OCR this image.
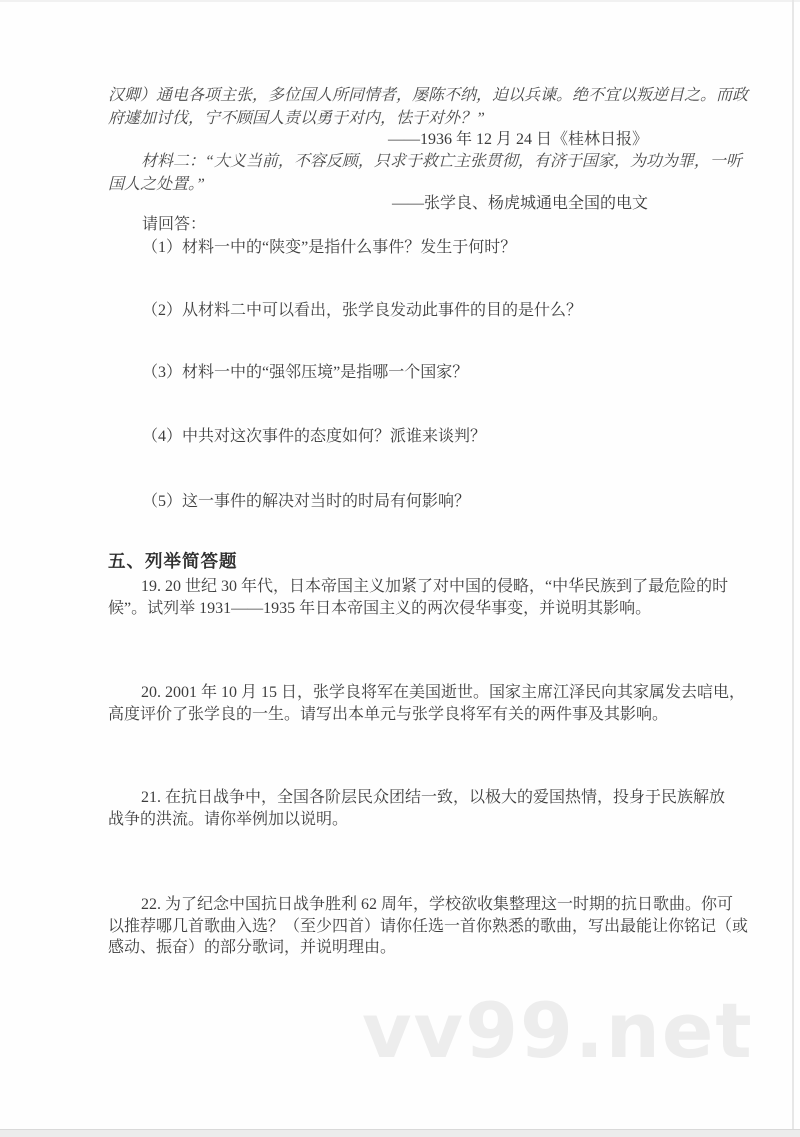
汉卿）通电各项主张，多位国人所同情者，屡陈不纳，迫以兵谏。绝不宜以叛逆目之。而政
府遽加讨伐，宁不顾国人责以勇于对内，怯于对外？”
——1936 年 12 月 24 日《桂林日报》
材料二：“大义当前，不容反顾，只求于救亡主张贯彻，有济于国家，为功为罪，一听
国人之处置。”
——张学良、杨虎城通电全国的电文
请回答：
（1）材料一中的“陕变”是指什么事件？发生于何时？
（2）从材料二中可以看出，张学良发动此事件的目的是什么？
（3）材料一中的“强邻压境”是指哪一个国家？
（4）中共对这次事件的态度如何？派谁来谈判？
（5）这一事件的解决对当时的时局有何影响？
五、列举简答题
19. 20 世纪 30 年代，日本帝国主义加紧了对中国的侵略，“中华民族到了最危险的时
候”。试列举 1931——1935 年日本帝国主义的两次侵华事变，并说明其影响。
20. 2001 年 10 月 15 日，张学良将军在美国逝世。国家主席江泽民向其家属发去唁电，
高度评价了张学良的一生。请写出本单元与张学良将军有关的两件事及其影响。
21. 在抗日战争中，全国各阶层民众团结一致，以极大的爱国热情，投身于民族解放
战争的洪流。请你举例加以说明。
22. 为了纪念中国抗日战争胜利 62 周年，学校欲收集整理这一时期的抗日歌曲。你可
以推荐哪几首歌曲入选？（至少四首）请你任选一首你熟悉的歌曲，写出最能让你铭记（或
感动、振奋）的部分歌词，并说明理由。
vv99.net
